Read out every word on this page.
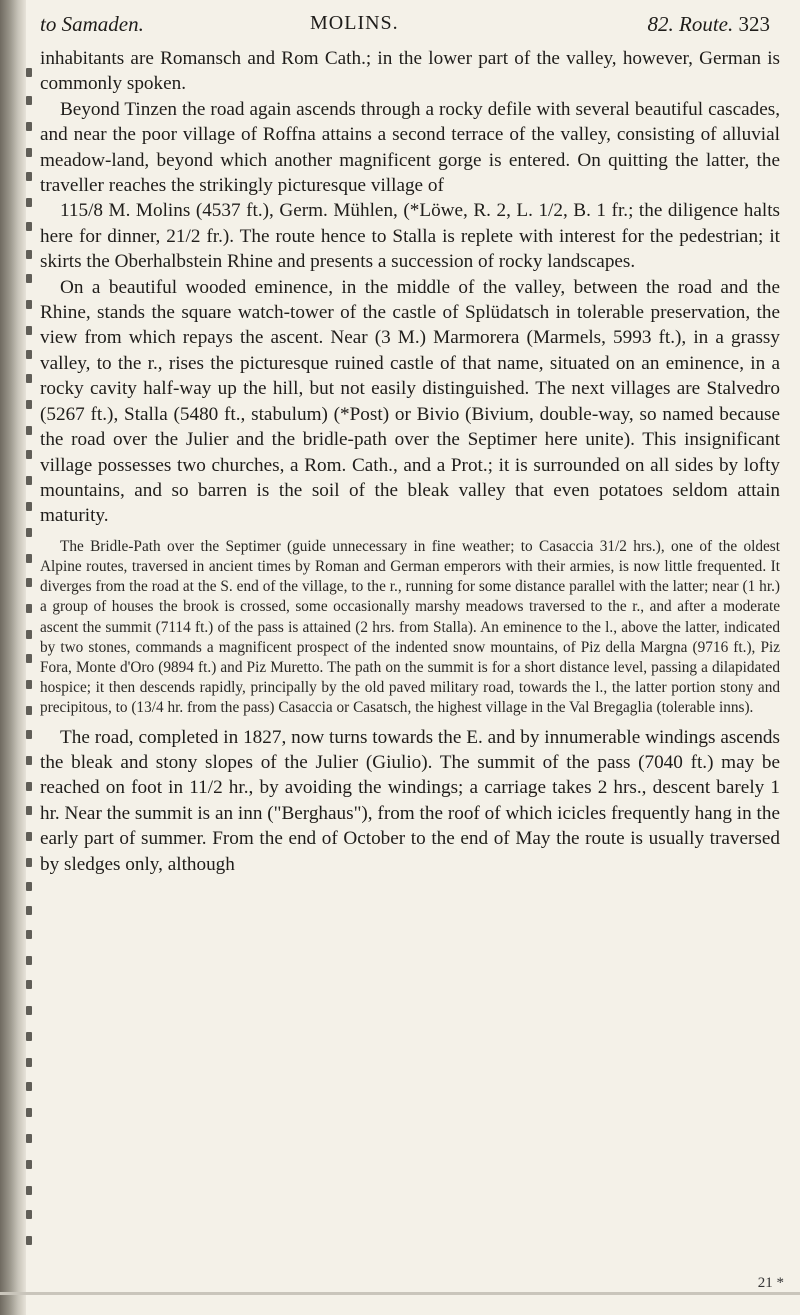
to Samaden.	MOLINS.	82. Route. 323

inhabitants are Romansch and Rom Cath.; in the lower part of the valley, however, German is commonly spoken.

Beyond Tinzen the road again ascends through a rocky defile with several beautiful cascades, and near the poor village of Roffna attains a second terrace of the valley, consisting of alluvial meadow-land, beyond which another magnificent gorge is entered. On quitting the latter, the traveller reaches the strikingly picturesque village of

115/8 M. Molins (4537 ft.), Germ. Mühlen, (*Löwe, R. 2, L. 1/2, B. 1 fr.; the diligence halts here for dinner, 21/2 fr.). The route hence to Stalla is replete with interest for the pedestrian; it skirts the Oberhalbstein Rhine and presents a succession of rocky landscapes.

On a beautiful wooded eminence, in the middle of the valley, between the road and the Rhine, stands the square watch-tower of the castle of Splüdatsch in tolerable preservation, the view from which repays the ascent. Near (3 M.) Marmorera (Marmels, 5993 ft.), in a grassy valley, to the r., rises the picturesque ruined castle of that name, situated on an eminence, in a rocky cavity half-way up the hill, but not easily distinguished. The next villages are Stalvedro (5267 ft.), Stalla (5480 ft., stabulum) (*Post) or Bivio (Bivium, double-way, so named because the road over the Julier and the bridle-path over the Septimer here unite). This insignificant village possesses two churches, a Rom. Cath., and a Prot.; it is surrounded on all sides by lofty mountains, and so barren is the soil of the bleak valley that even potatoes seldom attain maturity.

The Bridle-Path over the Septimer (guide unnecessary in fine weather; to Casaccia 31/2 hrs.), one of the oldest Alpine routes, traversed in ancient times by Roman and German emperors with their armies, is now little frequented. It diverges from the road at the S. end of the village, to the r., running for some distance parallel with the latter; near (1 hr.) a group of houses the brook is crossed, some occasionally marshy meadows traversed to the r., and after a moderate ascent the summit (7114 ft.) of the pass is attained (2 hrs. from Stalla). An eminence to the l., above the latter, indicated by two stones, commands a magnificent prospect of the indented snow mountains, of Piz della Margna (9716 ft.), Piz Fora, Monte d'Oro (9894 ft.) and Piz Muretto. The path on the summit is for a short distance level, passing a dilapidated hospice; it then descends rapidly, principally by the old paved military road, towards the l., the latter portion stony and precipitous, to (13/4 hr. from the pass) Casaccia or Casatsch, the highest village in the Val Bregaglia (tolerable inns).

The road, completed in 1827, now turns towards the E. and by innumerable windings ascends the bleak and stony slopes of the Julier (Giulio). The summit of the pass (7040 ft.) may be reached on foot in 11/2 hr., by avoiding the windings; a carriage takes 2 hrs., descent barely 1 hr. Near the summit is an inn ("Berghaus"), from the roof of which icicles frequently hang in the early part of summer. From the end of October to the end of May the route is usually traversed by sledges only, although

21 *
